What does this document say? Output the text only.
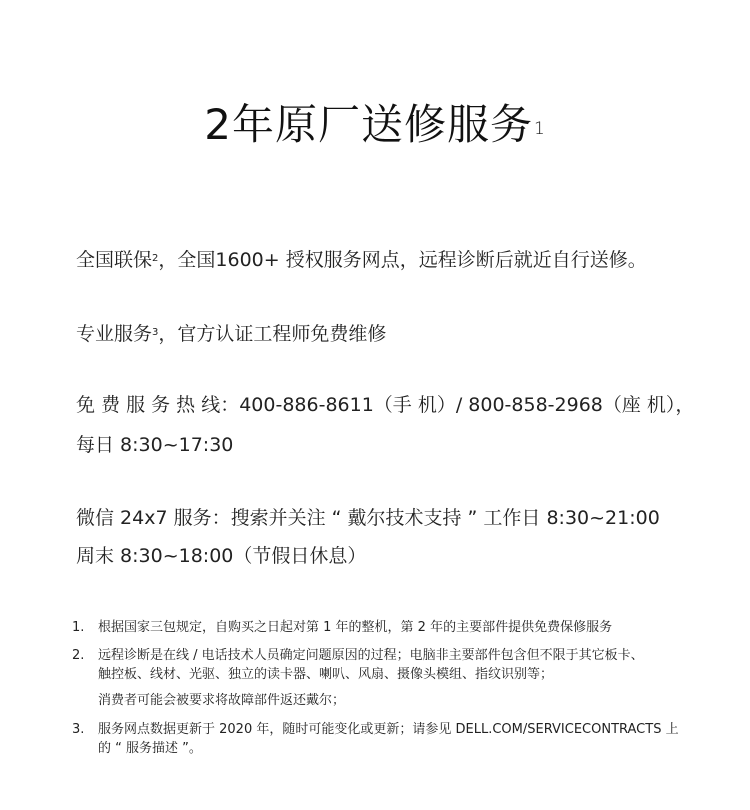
2年原厂送修服务$^1$
全国联保$^2$，全国1600+ 授权服务网点，远程诊断后就近自行送修。
专业服务$^3$，官方认证工程师免费维修
免 费 服 务 热 线：400-886-8611（手 机）/ 800-858-2968（座 机），
每日 8:30~17:30
微信 24x7 服务：搜索并关注 “ 戴尔技术支持 ” 工作日 8:30~21:00
周末 8:30~18:00（节假日休息）
1. 根据国家三包规定，自购买之日起对第 1 年的整机，第 2 年的主要部件提供免费保修服务
2. 远程诊断是在线 / 电话技术人员确定问题原因的过程；电脑非主要部件包含但不限于其它板卡、
触控板、线材、光驱、独立的读卡器、喇叭、风扇、摄像头模组、指纹识别等；
消费者可能会被要求将故障部件返还戴尔；
3. 服务网点数据更新于 2020 年，随时可能变化或更新；请参见 DELL.COM/SERVICECONTRACTS 上
的 “ 服务描述 ”。
